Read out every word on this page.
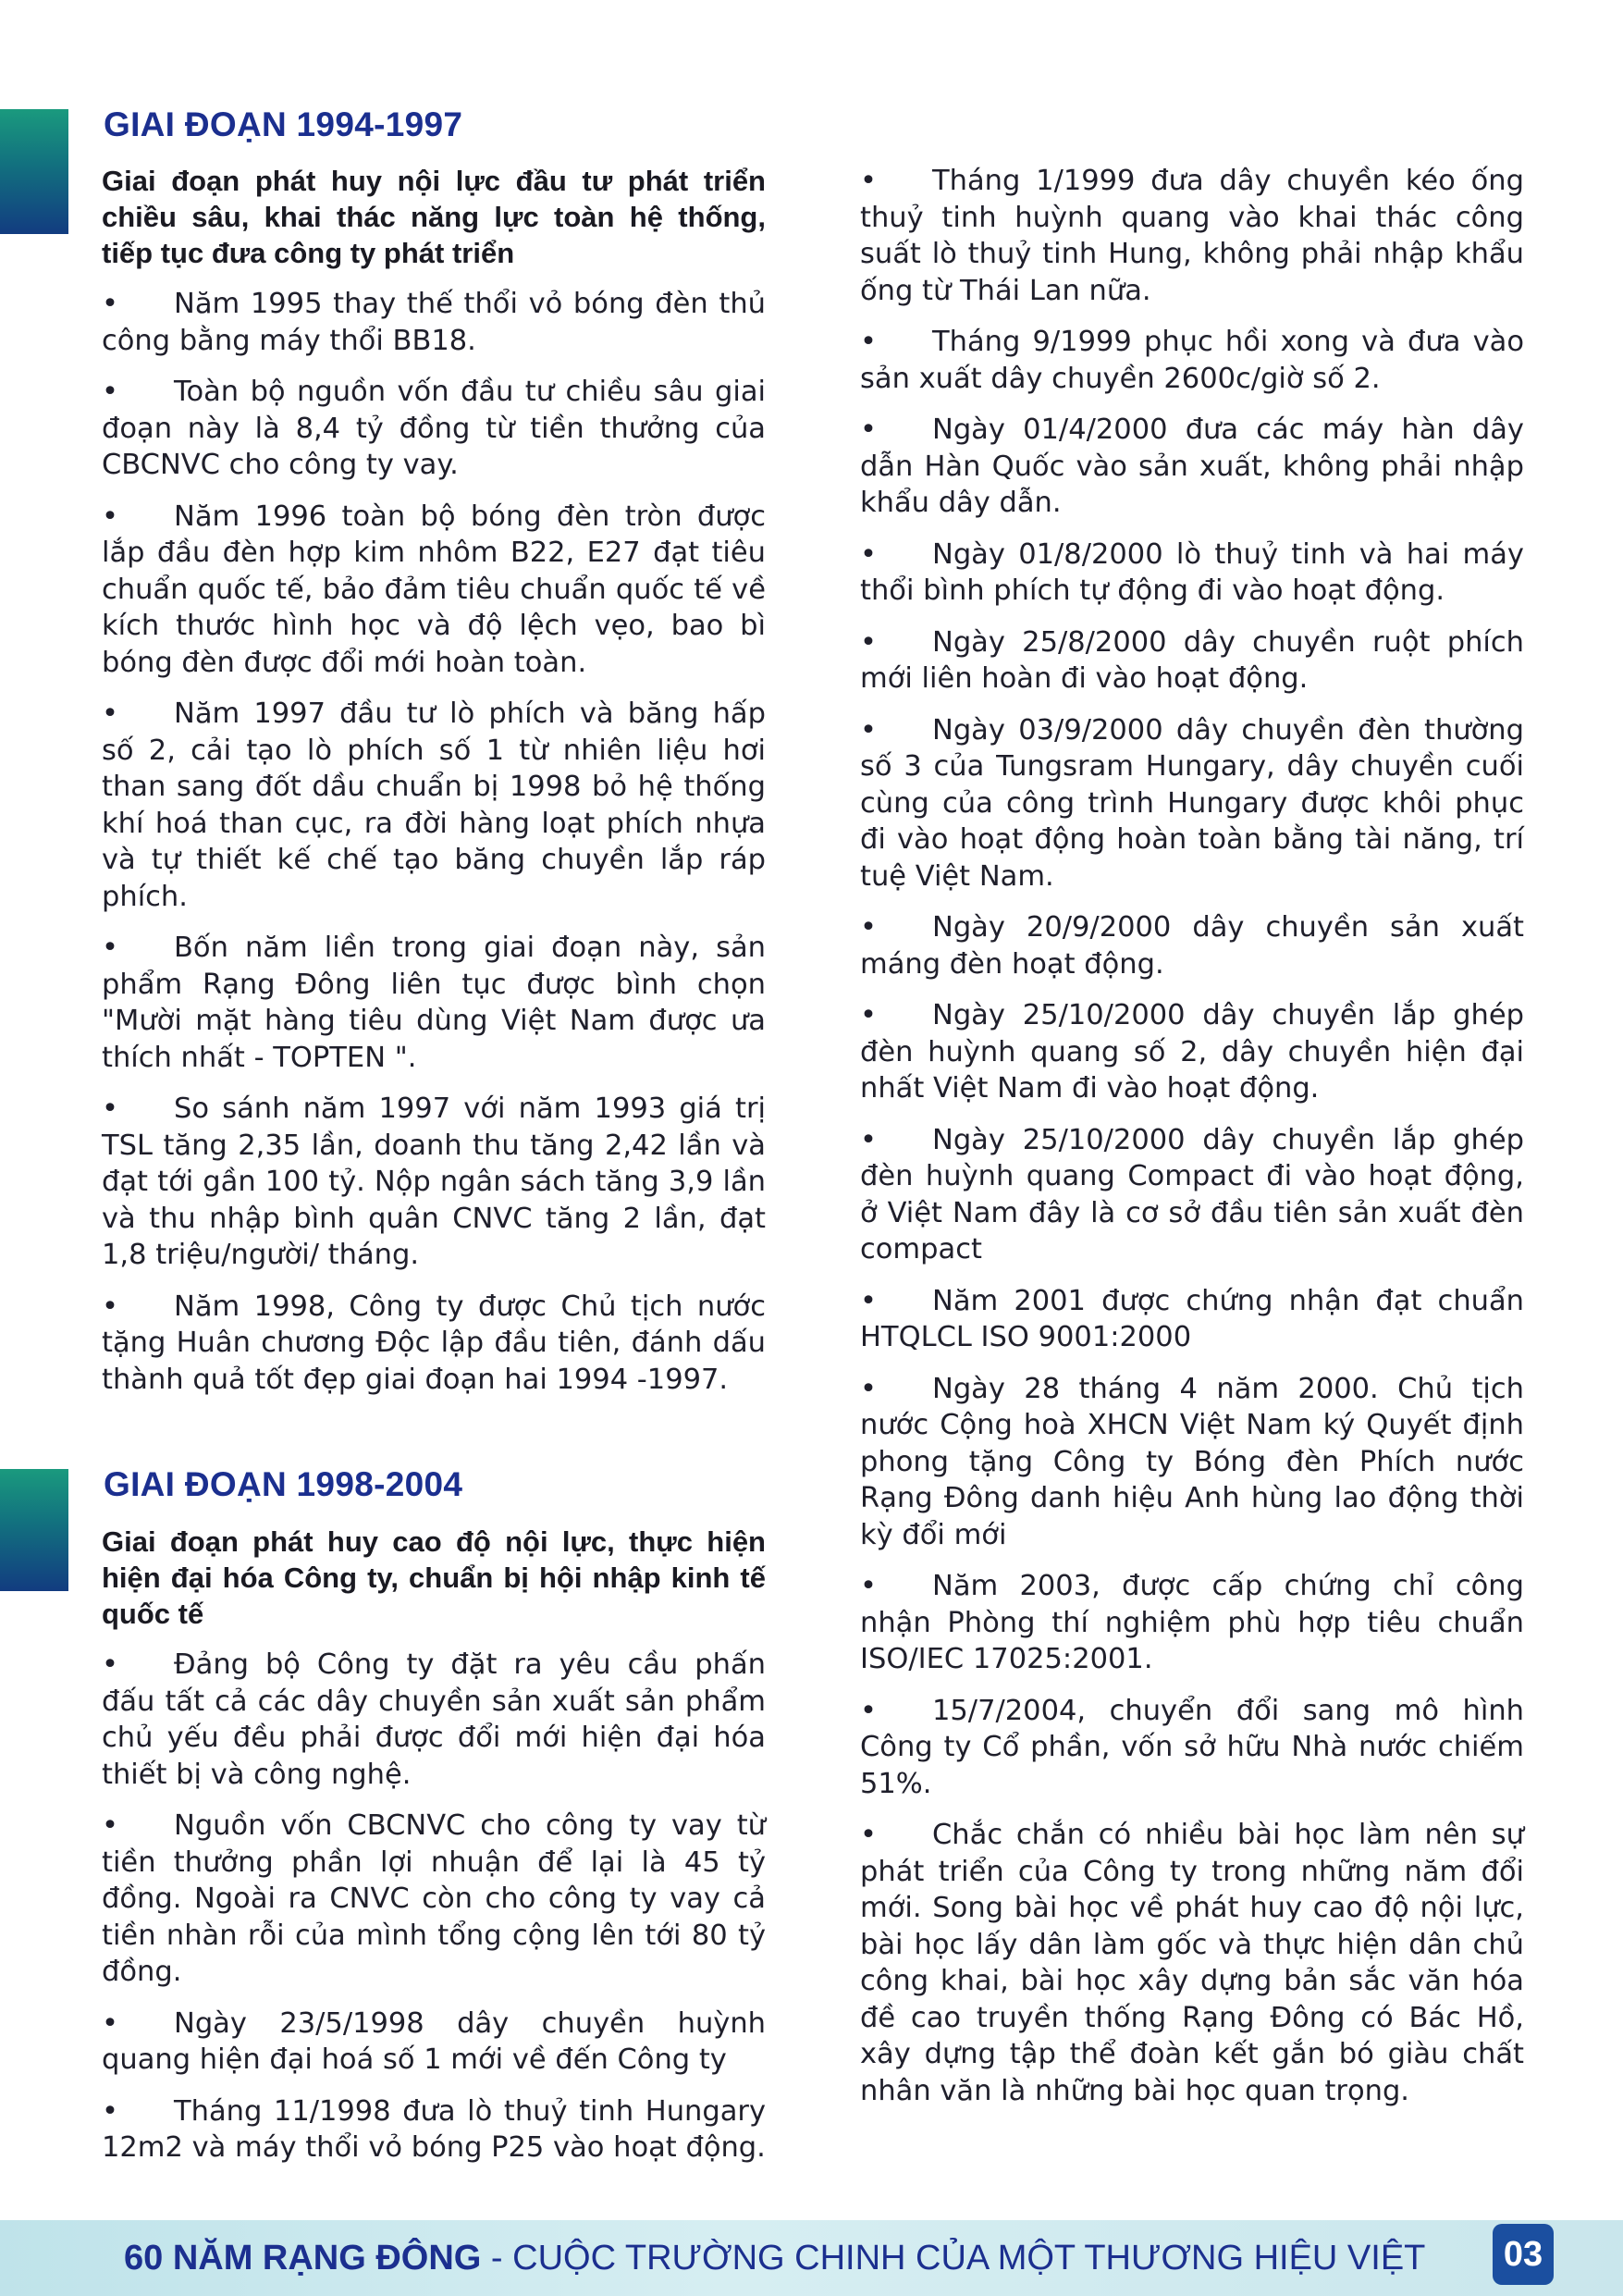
GIAI ĐOẠN 1994-1997

Giai đoạn phát huy nội lực đầu tư phát triển chiều sâu, khai thác năng lực toàn hệ thống, tiếp tục đưa công ty phát triển

• Năm 1995 thay thế thổi vỏ bóng đèn thủ công bằng máy thổi BB18.

• Toàn bộ nguồn vốn đầu tư chiều sâu giai đoạn này là 8,4 tỷ đồng từ tiền thưởng của CBCNVC cho công ty vay.

• Năm 1996 toàn bộ bóng đèn tròn được lắp đầu đèn hợp kim nhôm B22, E27 đạt tiêu chuẩn quốc tế, bảo đảm tiêu chuẩn quốc tế về kích thước hình học và độ lệch vẹo, bao bì bóng đèn được đổi mới hoàn toàn.

• Năm 1997 đầu tư lò phích và băng hấp số 2, cải tạo lò phích số 1 từ nhiên liệu hơi than sang đốt dầu chuẩn bị 1998 bỏ hệ thống khí hoá than cục, ra đời hàng loạt phích nhựa và tự thiết kế chế tạo băng chuyền lắp ráp phích.

• Bốn năm liền trong giai đoạn này, sản phẩm Rạng Đông liên tục được bình chọn "Mười mặt hàng tiêu dùng Việt Nam được ưa thích nhất - TOPTEN ".

• So sánh năm 1997 với năm 1993 giá trị TSL tăng 2,35 lần, doanh thu tăng 2,42 lần và đạt tới gần 100 tỷ. Nộp ngân sách tăng 3,9 lần và thu nhập bình quân CNVC tăng 2 lần, đạt 1,8 triệu/người/ tháng.

• Năm 1998, Công ty được Chủ tịch nước tặng Huân chương Độc lập đầu tiên, đánh dấu thành quả tốt đẹp giai đoạn hai 1994 -1997.

GIAI ĐOẠN 1998-2004

Giai đoạn phát huy cao độ nội lực, thực hiện hiện đại hóa Công ty, chuẩn bị hội nhập kinh tế quốc tế

• Đảng bộ Công ty đặt ra yêu cầu phấn đấu tất cả các dây chuyền sản xuất sản phẩm chủ yếu đều phải được đổi mới hiện đại hóa thiết bị và công nghệ.

• Nguồn vốn CBCNVC cho công ty vay từ tiền thưởng phần lợi nhuận để lại là 45 tỷ đồng. Ngoài ra CNVC còn cho công ty vay cả tiền nhàn rỗi của mình tổng cộng lên tới 80 tỷ đồng.

• Ngày 23/5/1998 dây chuyền huỳnh quang hiện đại hoá số 1 mới về đến Công ty

• Tháng 11/1998 đưa lò thuỷ tinh Hungary 12m2 và máy thổi vỏ bóng P25 vào hoạt động.

• Tháng 1/1999 đưa dây chuyền kéo ống thuỷ tinh huỳnh quang vào khai thác công suất lò thuỷ tinh Hung, không phải nhập khẩu ống từ Thái Lan nữa.

• Tháng 9/1999 phục hồi xong và đưa vào sản xuất dây chuyền 2600c/giờ số 2.

• Ngày 01/4/2000 đưa các máy hàn dây dẫn Hàn Quốc vào sản xuất, không phải nhập khẩu dây dẫn.

• Ngày 01/8/2000 lò thuỷ tinh và hai máy thổi bình phích tự động đi vào hoạt động.

• Ngày 25/8/2000 dây chuyền ruột phích mới liên hoàn đi vào hoạt động.

• Ngày 03/9/2000 dây chuyền đèn thường số 3 của Tungsram Hungary, dây chuyền cuối cùng của công trình Hungary được khôi phục đi vào hoạt động hoàn toàn bằng tài năng, trí tuệ Việt Nam.

• Ngày 20/9/2000 dây chuyền sản xuất máng đèn hoạt động.

• Ngày 25/10/2000 dây chuyền lắp ghép đèn huỳnh quang số 2, dây chuyền hiện đại nhất Việt Nam đi vào hoạt động.

• Ngày 25/10/2000 dây chuyền lắp ghép đèn huỳnh quang Compact đi vào hoạt động, ở Việt Nam đây là cơ sở đầu tiên sản xuất đèn compact

• Năm 2001 được chứng nhận đạt chuẩn HTQLCL ISO 9001:2000

• Ngày 28 tháng 4 năm 2000. Chủ tịch nước Cộng hoà XHCN Việt Nam ký Quyết định phong tặng Công ty Bóng đèn Phích nước Rạng Đông danh hiệu Anh hùng lao động thời kỳ đổi mới

• Năm 2003, được cấp chứng chỉ công nhận Phòng thí nghiệm phù hợp tiêu chuẩn ISO/IEC 17025:2001.

• 15/7/2004, chuyển đổi sang mô hình Công ty Cổ phần, vốn sở hữu Nhà nước chiếm 51%.

• Chắc chắn có nhiều bài học làm nên sự phát triển của Công ty trong những năm đổi mới. Song bài học về phát huy cao độ nội lực, bài học lấy dân làm gốc và thực hiện dân chủ công khai, bài học xây dựng bản sắc văn hóa đề cao truyền thống Rạng Đông có Bác Hồ, xây dựng tập thể đoàn kết gắn bó giàu chất nhân văn là những bài học quan trọng.

60 NĂM RẠNG ĐÔNG - CUỘC TRƯỜNG CHINH CỦA MỘT THƯƠNG HIỆU VIỆT	03
